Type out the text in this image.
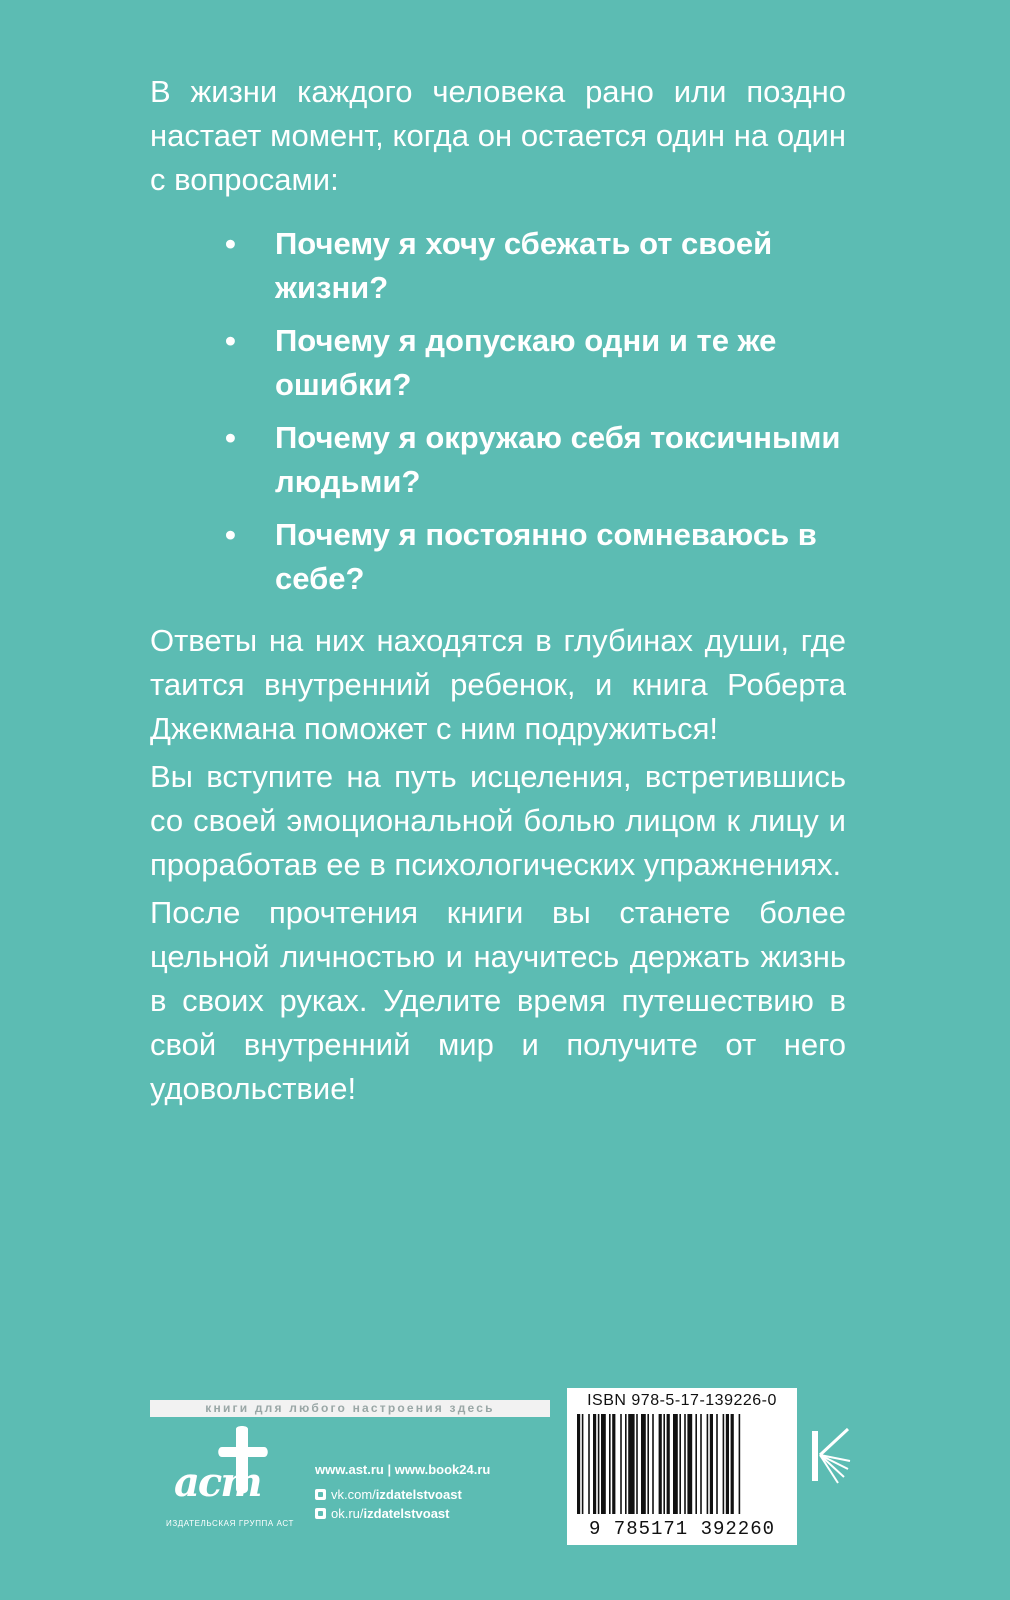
В жизни каждого человека рано или поздно настает момент, когда он остается один на один с вопросами:

• Почему я хочу сбежать от своей жизни?
• Почему я допускаю одни и те же ошибки?
• Почему я окружаю себя токсичными людьми?
• Почему я постоянно сомневаюсь в себе?

Ответы на них находятся в глубинах души, где таится внутренний ребенок, и книга Роберта Джекмана поможет с ним подружиться!

Вы вступите на путь исцеления, встретившись со своей эмоциональной болью лицом к лицу и проработав ее в психологических упражнениях.

После прочтения книги вы станете более цельной личностью и научитесь держать жизнь в своих руках. Уделите время путешествию в свой внутренний мир и получите от него удовольствие!

книги для любого настроения здесь
аст
ИЗДАТЕЛЬСКАЯ ГРУППА АСТ
www.ast.ru | www.book24.ru
vk.com/ izdatelstvoast
ok.ru/ izdatelstvoast
ISBN 978-5-17-139226-0
9 785171 392260
